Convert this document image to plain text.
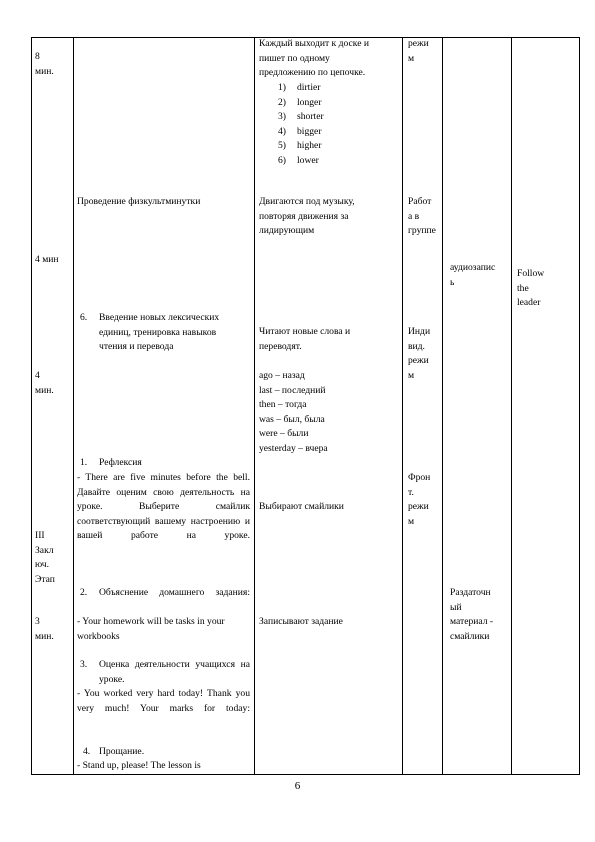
8
мин.
Каждый выходит к доске и
пишет по одному
предложению по цепочке.
1) dirtier
2) longer
3) shorter
4) bigger
5) higher
6) lower
режи
м
Проведение физкультминутки	Двигаются под музыку,
повторяя движения за
лидирующим
Работ
а в
группе
4 мин
аудиозапис
ь
Follow
the
leader
6. Введение новых лексических
единиц, тренировка навыков
чтения и перевода
Читают новые слова и
переводят.
Инди
вид.
режи
м
4
мин.
ago – назад
last – последний
then – тогда
was – был, была
were – были
yesterday – вчера
1. Рефлексия
- There are five minutes before the bell. Давайте оценим свою деятельность на уроке. Выберите смайлик соответствующий вашему настроению и вашей работе на уроке.
Выбирают смайлики
Фрон
т.
режи
м
III
Закл
юч.
Этап
2. Объяснение домашнего задания:
- Your homework will be tasks in your workbooks
Записывают задание
Раздаточн
ый
материал -
смайлики
3
мин.
3. Оценка деятельности учащихся на уроке.
- You worked very hard today! Thank you very much! Your marks for today:
4. Прощание.
- Stand up, please! The lesson is
6
